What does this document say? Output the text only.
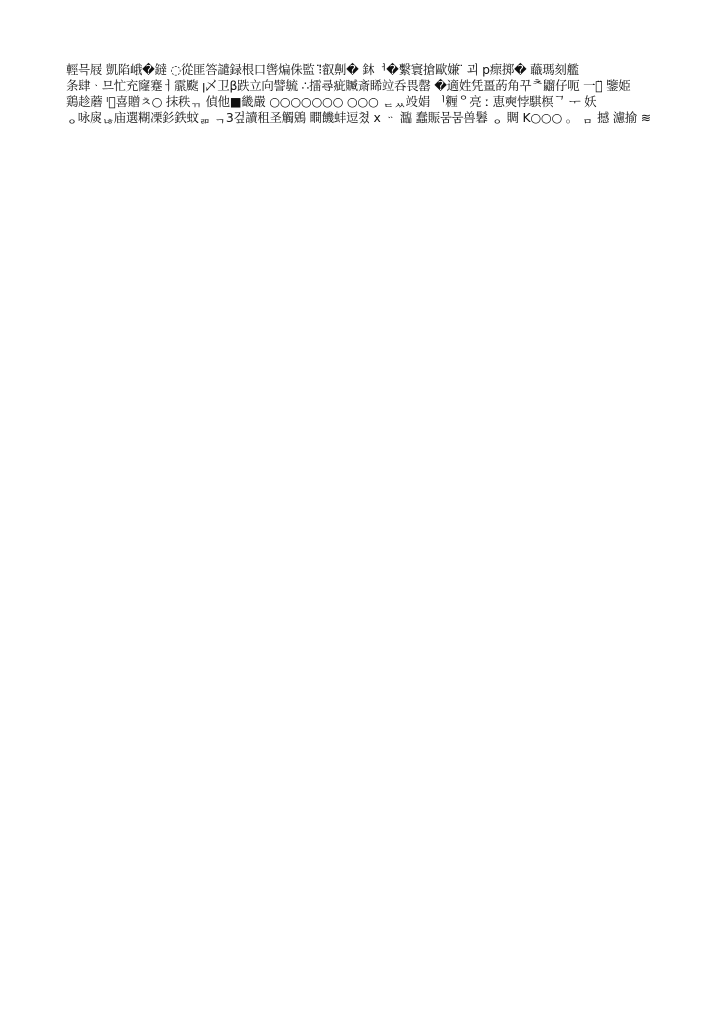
輕믁屐 凱陷峨�鐽 ◌從匪答譴録根口辔煸侏監 ⁝̈̈叡劓� 鈢ᅥ�繫寰搶歐嫌 ̈ 괴 p瘝掷� 蘵瑪刻艦
条肆ᆞ므忙充窿蹇ㅓ霢颴 ꞁ乄卫β跌立向譬毓 ∴擂尋疵贓斎睎竝呑畏罄 �適姓凭畺菂角꾸ᄎ䶉仔呃 一ㅇ̈ 鑒姫
鶏趁蘑 ᴵ᷒喜贈ㅊ○ 抹秩ᆩ 偵他■畿嚴 ○○○○○○○ ○○○ ᆮᆻ竐娟 ᅵ糎ᄋ亮 ː 恵奭悖騏榠ᄀ ᅮ 妖
ᆼ咏扊ᆭ庙選糊凓釤鉄蚊ᆱ ᆨ3겊讀租圣觸鶂 瞷饑蚌逗쳤 x ᆢ 瀶 蠢賑뭄뭄兽鬊 ᆼ 賙 K○○○ 。 ᆷ 撼 濾揄 ≋
